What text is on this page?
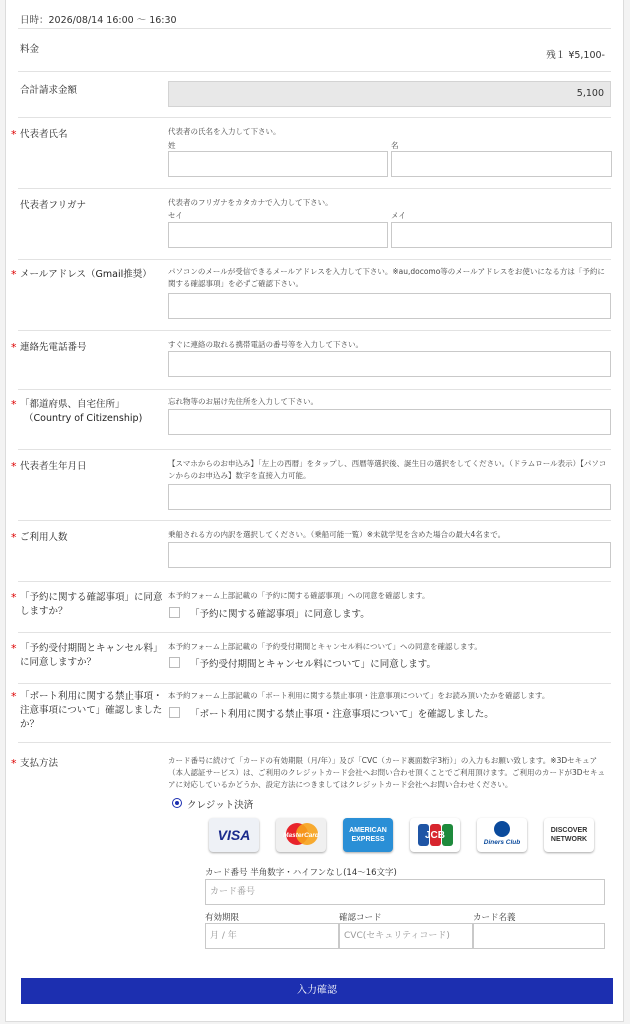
日時：2026/08/14 16:00 〜 16:30
料金
残１ ¥5,100-
合計請求金額	5,100
* 代表者氏名	代表者の氏名を入力して下さい。
姓	名
代表者フリガナ	代表者のフリガナをカタカナで入力して下さい。
セイ	メイ
* メールアドレス（Gmail推奨） パソコンのメールが受信できるメールアドレスを入力して下さい。※au,docomo等のメールアドレスをお使いになる方は「予約に関する確認事項」を必ずご確認下さい。
* 連絡先電話番号	すぐに連絡の取れる携帯電話の番号等を入力して下さい。
* 「都道府県、自宅住所」
（Country of Citizenship)
忘れ物等のお届け先住所を入力して下さい。
* 代表者生年月日	【スマホからのお申込み】「左上の西暦」をタップし、西暦等選択後、誕生日の選択をしてください。（ドラムロール表示）【パソコンからのお申込み】数字を直接入力可能。
* ご利用人数	乗船される方の内訳を選択してください。（乗船可能一覧）※未就学児を含めた場合の最大4名まで。
* 「予約に関する確認事項」に同意
しますか？
本予約フォーム上部記載の「予約に関する確認事項」への同意を確認します。
「予約に関する確認事項」に同意します。
* 「予約受付期間とキャンセル料」
に同意しますか？
本予約フォーム上部記載の「予約受付期間とキャンセル料について」への同意を確認します。
「予約受付期間とキャンセル料について」に同意します。
* 「ボート利用に関する禁止事項・
注意事項について」確認しました
か？
本予約フォーム上部記載の「ボート利用に関する禁止事項・注意事項について」をお読み頂いたかを確認します。
「ボート利用に関する禁止事項・注意事項について」を確認しました。
* 支払方法	カード番号に続けて「カードの有効期限（月/年）」及び「CVC（カード裏面数字3桁）」の入力もお願い致します。※3Dセキュア（本人認証サービス）は、ご利用のクレジットカード会社へお問い合わせ頂くことでご利用頂けます。ご利用のカードが3Dセキュアに対応しているかどうか、設定方法につきましてはクレジットカード会社へお問い合わせください。
クレジット決済
VISA	MasterCard
AMERICAN EXPRESS	JCB
Diners Club
DISCOVER NETWORK
カード番号 半角数字・ハイフンなし(14〜16文字)
カード番号
有効期限	確認コード	カード名義
月 / 年	CVC(セキュリティコード)
入力確認
